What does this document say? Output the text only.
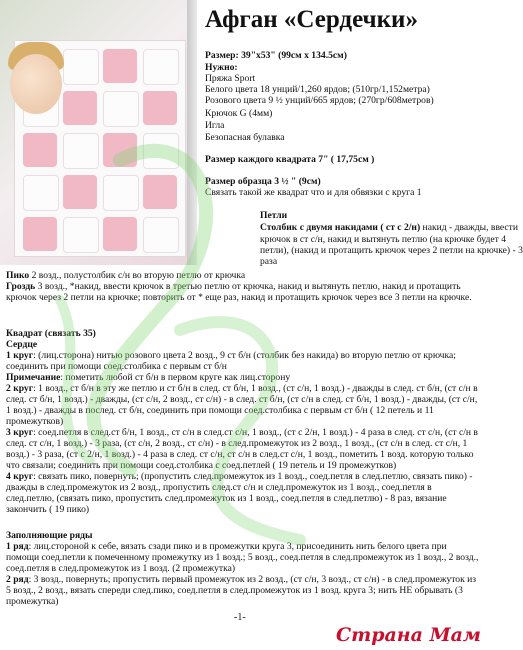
Афган «Сердечки»
Размер: 39"x53" (99см x 134.5см)
Нужно:
Пряжа Sport
Белого цвета 18 унций/1,260 ярдов; (510гр/1,152метра)
Розового цвета 9 ½ унций/665 ярдов; (270гр/608метров)
Крючок G (4мм)
Игла
Безопасная булавка
Размер каждого квадрата 7" ( 17,75см )
Размер образца 3 ½ " (9см)
Связать такой же квадрат что и для обвязки с круга 1
Петли
Столбик с двумя накидами ( ст с 2/н) накид - дважды, ввести
крючок в ст с/н, накид и вытянуть петлю (на крючке будет 4
петли), (накид и протащить крючок через 2 петли на крючке) - 3
раза

Пико 2 возд., полустолбик с/н во вторую петлю от крючка

Гроздь 3 возд., *накид, ввести крючок в третью петлю от крючка, накид и вытянуть петлю, накид и протащить крючок через 2 петли на крючке; повторить от * еще раз, накид и протащить крючок через все 3 петли на крючке.

Квадрат (связать 35)

Сердце

1 круг: (лиц.сторона) нитью розового цвета 2 возд., 9 ст б/н (столбик без накида) во вторую петлю от крючка; соединить при помощи соед.столбика с первым ст б/н

Примечание: пометить любой ст б/н в первом круге как лиц.сторону

2 круг: 1 возд., ст б/н в эту же петлю и ст б/н в след. ст б/н, 1 возд., (ст с/н, 1 возд.) - дважды в след. ст б/н, (ст с/н в след. ст б/н, 1 возд.) - дважды, (ст с/н, 2 возд., ст с/н) - в след. ст б/н, (ст с/н в след. ст б/н, 1 возд.) - дважды, (ст с/н, 1 возд.) - дважды в послед. ст б/н, соединить при помощи соед.столбика с первым ст б/н ( 12 петель и 11 промежутков)

3 круг: соед.петля в след.ст б/н, 1 возд., ст с/н в след.ст с/н, 1 возд., (ст с 2/н, 1 возд.) - 4 раза в след. ст с/н, (ст с/н в след. ст с/н, 1 возд.) - 3 раза, (ст с/н, 2 возд., ст с/н) - в след.промежуток из 2 возд., 1 возд., (ст с/н в след. ст с/н, 1 возд.) - 3 раза, (ст с 2/н, 1 возд.) - 4 раза в след. ст с/н, ст с/н в след.ст с/н, 1 возд., пометить 1 возд. которую только что связали; соединить при помощи соед.столбика с соед.петлей ( 19 петель и 19 промежутков)

4 круг: связать пико, повернуть; (пропустить след.промежуток из 1 возд., соед.петля в след.петлю, связать пико) - дважды в след.промежуток из 2 возд., пропустить след.ст с/н и след.промежуток из 1 возд., соед.петля в след.петлю, (связать пико, пропустить след.промежуток из 1 возд., соед.петля в след.петлю) - 8 раз, вязание закончить ( 19 пико)

Заполняющие ряды

1 ряд: лиц.стороной к себе, вязать сзади пико и в промежутки круга 3, присоединить нить белого цвета при помощи соед.петли к помеченному промежутку из 1 возд.; 5 возд., соед.петля в след.промежуток из 1 возд., 2 возд., соед.петля в след.промежуток из 1 возд. (2 промежутка)

2 ряд: 3 возд., повернуть; пропустить первый промежуток из 2 возд., (ст с/н, 3 возд., ст с/н) - в след.промежуток из 5 возд., 2 возд., вязать спереди след.пико, соед.петля в след.промежуток из 1 возд. круга 3; нить НЕ обрывать (3 промежутка)

-1-
Страна Мам
